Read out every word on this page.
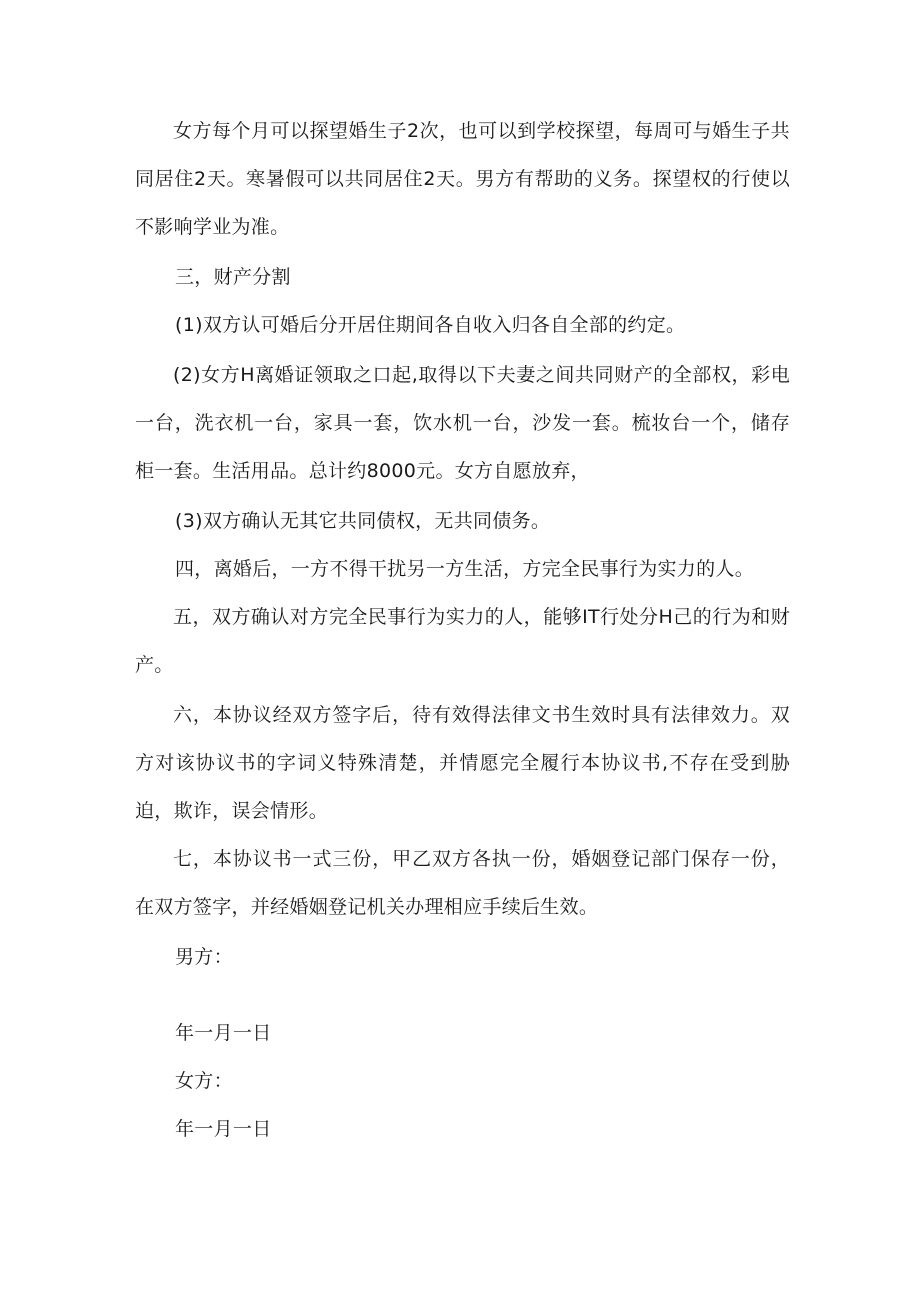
女方每个月可以探望婚生子2次，也可以到学校探望，每周可与婚生子共同居住2天。寒暑假可以共同居住2天。男方有帮助的义务。探望权的行使以不影响学业为准。

三，财产分割

(1)双方认可婚后分开居住期间各自收入归各自全部的约定。

(2)女方H离婚证领取之口起,取得以下夫妻之间共同财产的全部权，彩电一台，洗衣机一台，家具一套，饮水机一台，沙发一套。梳妆台一个，储存柜一套。生活用品。总计约8000元。女方自愿放弃，

(3)双方确认无其它共同债权，无共同债务。

四，离婚后，一方不得干扰另一方生活，方完全民事行为实力的人。

五，双方确认对方完全民事行为实力的人，能够IT行处分H己的行为和财产。

六，本协议经双方签字后，待有效得法律文书生效时具有法律效力。双方对该协议书的字词义特殊清楚，并情愿完全履行本协议书,不存在受到胁迫，欺诈，误会情形。

七，本协议书一式三份，甲乙双方各执一份，婚姻登记部门保存一份，在双方签字，并经婚姻登记机关办理相应手续后生效。

男方：

年一月一日

女方：

年一月一日
